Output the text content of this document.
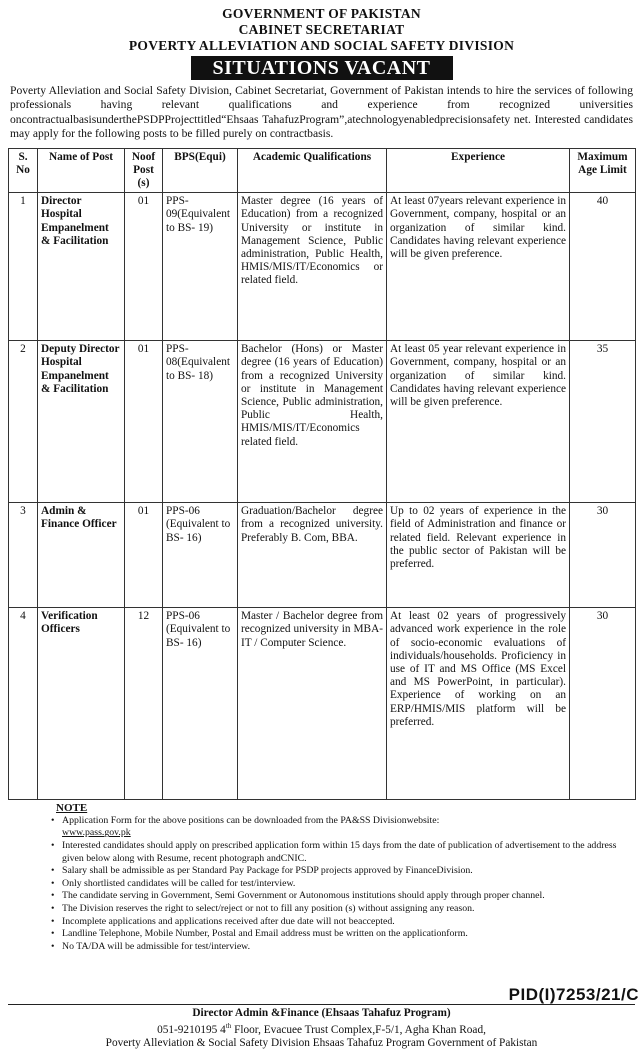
GOVERNMENT OF PAKISTAN
CABINET SECRETARIAT
POVERTY ALLEVIATION AND SOCIAL SAFETY DIVISION
SITUATIONS VACANT

Poverty Alleviation and Social Safety Division, Cabinet Secretariat, Government of Pakistan intends to hire the services of following professionals having relevant qualifications and experience from recognized universities oncontractualbasisunderthePSDPProjecttitled“Ehsaas TahafuzProgram”,atechnologyenabledprecisionsafety net. Interested candidates may apply for the following posts to be filled purely on contractbasis.

S. No	Name of Post	Noof Post (s)	BPS(Equi)	Academic Qualifications	Experience	Maximum Age Limit
1	Director Hospital Empanelment & Facilitation	01	PPS-09(Equivalent to BS- 19)	Master degree (16 years of Education) from a recognized University or institute in Management Science, Public administration, Public Health, HMIS/MIS/IT/Economics or related field.	At least 07years relevant experience in Government, company, hospital or an organization of similar kind. Candidates having relevant experience will be given preference.	40
2	Deputy Director Hospital Empanelment & Facilitation	01	PPS-08(Equivalent to BS- 18)	Bachelor (Hons) or Master degree (16 years of Education) from a recognized University or institute in Management Science, Public administration, Public Health, HMIS/MIS/IT/Economics related field.	At least 05 year relevant experience in Government, company, hospital or an organization of similar kind. Candidates having relevant experience will be given preference.	35
3	Admin & Finance Officer	01	PPS-06 (Equivalent to BS- 16)	Graduation/Bachelor degree from a recognized university. Preferably B. Com, BBA.	Up to 02 years of experience in the field of Administration and finance or related field. Relevant experience in the public sector of Pakistan will be preferred.	30
4	Verification Officers	12	PPS-06 (Equivalent to BS- 16)	Master / Bachelor degree from recognized university in MBA-IT / Computer Science.	At least 02 years of progressively advanced work experience in the role of socio-economic evaluations of individuals/households. Proficiency in use of IT and MS Office (MS Excel and MS PowerPoint, in particular). Experience of working on an ERP/HMIS/MIS platform will be preferred.	30
NOTE
• Application Form for the above positions can be downloaded from the PA&SS Divisionwebsite:
www.pass.gov.pk
• Interested candidates should apply on prescribed application form within 15 days from the date of publication of advertisement to the address given below along with Resume, recent photograph andCNIC.
• Salary shall be admissible as per Standard Pay Package for PSDP projects approved by FinanceDivision.
• Only shortlisted candidates will be called for test/interview.
• The candidate serving in Government, Semi Government or Autonomous institutions should apply through proper channel.
• The Division reserves the right to select/reject or not to fill any position (s) without assigning any reason.
• Incomplete applications and applications received after due date will not beaccepted.
• Landline Telephone, Mobile Number, Postal and Email address must be written on the applicationform.
• No TA/DA will be admissible for test/interview.
PID(I)7253/21/C
Director Admin &Finance (Ehsaas Tahafuz Program)
051-9210195 4th Floor, Evacuee Trust Complex,F-5/1, Agha Khan Road,
Poverty Alleviation & Social Safety Division Ehsaas Tahafuz Program Government of Pakistan
